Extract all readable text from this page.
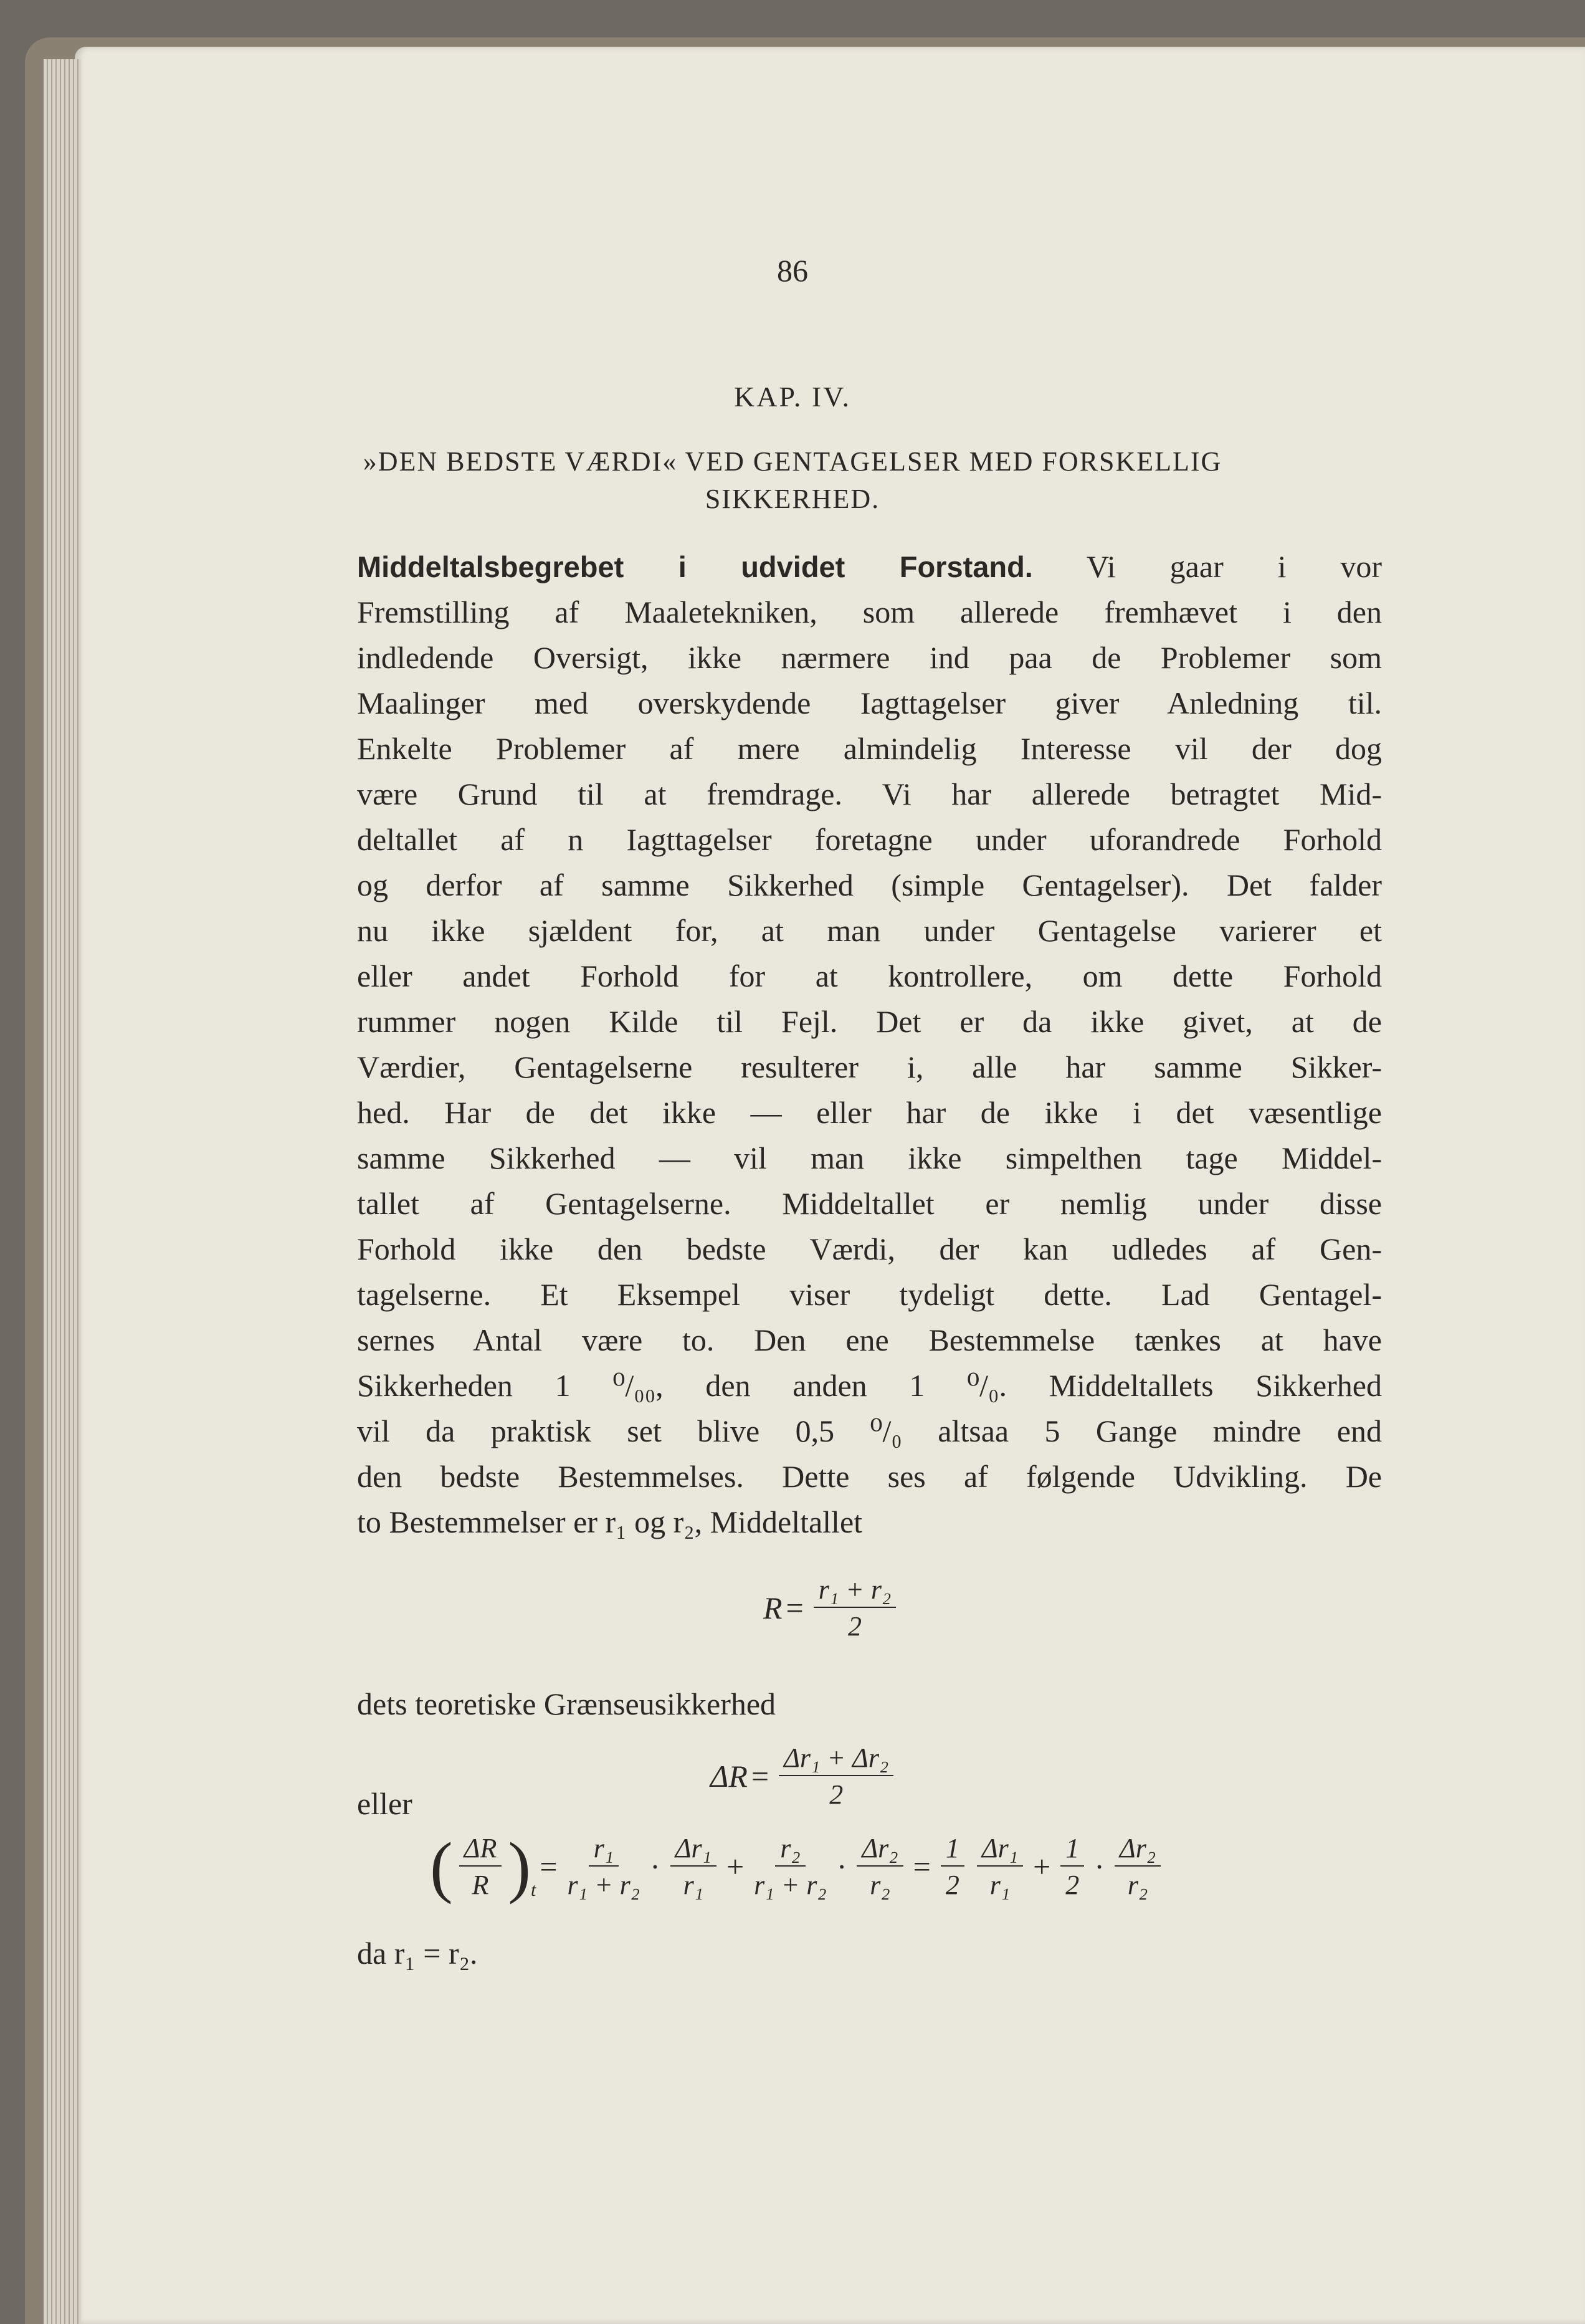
86
KAP. IV.
»DEN BEDSTE VÆRDI« VED GENTAGELSER MED FORSKELLIG
SIKKERHED.
Middeltalsbegrebet i udvidet Forstand. Vi gaar i vor
Fremstilling af Maaletekniken, som allerede fremhævet i den
indledende Oversigt, ikke nærmere ind paa de Problemer som
Maalinger med overskydende Iagttagelser giver Anledning til.
Enkelte Problemer af mere almindelig Interesse vil der dog
være Grund til at fremdrage. Vi har allerede betragtet Mid-
deltallet af n Iagttagelser foretagne under uforandrede Forhold
og derfor af samme Sikkerhed (simple Gentagelser). Det falder
nu ikke sjældent for, at man under Gentagelse varierer et
eller andet Forhold for at kontrollere, om dette Forhold
rummer nogen Kilde til Fejl. Det er da ikke givet, at de
Værdier, Gentagelserne resulterer i, alle har samme Sikker-
hed. Har de det ikke — eller har de ikke i det væsentlige
samme Sikkerhed — vil man ikke simpelthen tage Middel-
tallet af Gentagelserne. Middeltallet er nemlig under disse
Forhold ikke den bedste Værdi, der kan udledes af Gen-
tagelserne. Et Eksempel viser tydeligt dette. Lad Gentagel-
sernes Antal være to. Den ene Bestemmelse tænkes at have
Sikkerheden 1 ⁰/₀₀, den anden 1 ⁰/₀. Middeltallets Sikkerhed
vil da praktisk set blive 0,5 ⁰/₀ altsaa 5 Gange mindre end
den bedste Bestemmelses. Dette ses af følgende Udvikling. De
to Bestemmelser er r₁ og r₂, Middeltallet
$R = \frac{\text{r₁ + r₂}}{2}$
dets teoretiske Grænseusikkerhed
$\Delta R = \frac{\text{Δr₁ + Δr₂}}{2}$
eller
( $\frac{\Delta R}{R} )_t$
= $\frac{\text{r₁}}{\text{r₁ + r₂}} \cdot \frac{\text{Δr₁}}{\text{r₁}} + \frac{\text{r₂}}{\text{r₁ + r₂}} \cdot \frac{\text{Δr₂}}{\text{r₂}} = \frac{1}{2} \frac{\text{Δr₁}}{\text{r₁}} + \frac{1}{2} \cdot \frac{\text{Δr₂}}{\text{r₂}}$
da r₁ = r₂.
